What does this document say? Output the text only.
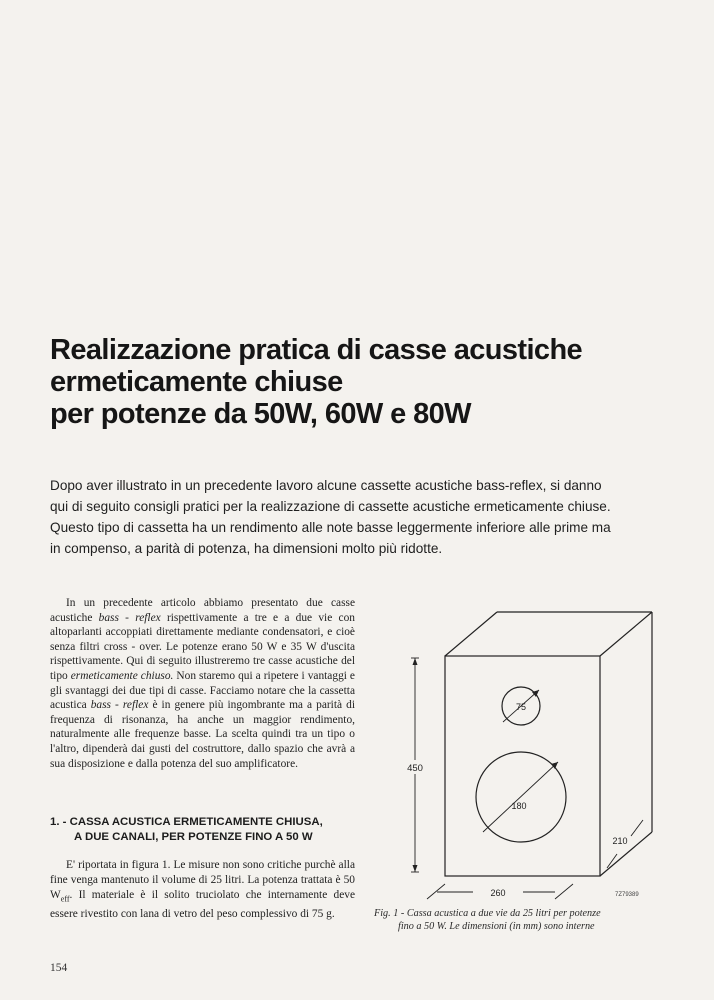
Realizzazione pratica di casse acustiche
ermeticamente chiuse
per potenze da 50W, 60W e 80W

Dopo aver illustrato in un precedente lavoro alcune cassette acustiche bass-reflex, si danno
qui di seguito consigli pratici per la realizzazione di cassette acustiche ermeticamente chiuse.
Questo tipo di cassetta ha un rendimento alle note basse leggermente inferiore alle prime ma
in compenso, a parità di potenza, ha dimensioni molto più ridotte.

In un precedente articolo abbiamo presentato due casse acustiche bass - reflex rispettivamente a tre e a due vie con altoparlanti accoppiati direttamente mediante condensatori, e cioè senza filtri cross - over. Le potenze erano 50 W e 35 W d'uscita rispettivamente. Qui di seguito illustreremo tre casse acustiche del tipo ermeticamente chiuso. Non staremo qui a ripetere i vantaggi e gli svantaggi dei due tipi di casse. Facciamo notare che la cassetta acustica bass - reflex è in genere più ingombrante ma a parità di frequenza di risonanza, ha anche un maggior rendimento, naturalmente alle frequenze basse. La scelta quindi tra un tipo o l'altro, dipenderà dai gusti del costruttore, dallo spazio che avrà a sua disposizione e dalla potenza del suo amplificatore.

1. - CASSA ACUSTICA ERMETICAMENTE CHIUSA,
A DUE CANALI, PER POTENZE FINO A 50 W

E' riportata in figura 1. Le misure non sono critiche purchè alla fine venga mantenuto il volume di 25 litri. La potenza trattata è 50 $W_{eff}$. Il materiale è il solito truciolato che internamente deve essere rivestito con lana di vetro del peso complessivo di 75 g.

450
75
180
260
210
7Z79389

Fig. 1 - Cassa acustica a due vie da 25 litri per potenze
fino a 50 W. Le dimensioni (in mm) sono interne

154
